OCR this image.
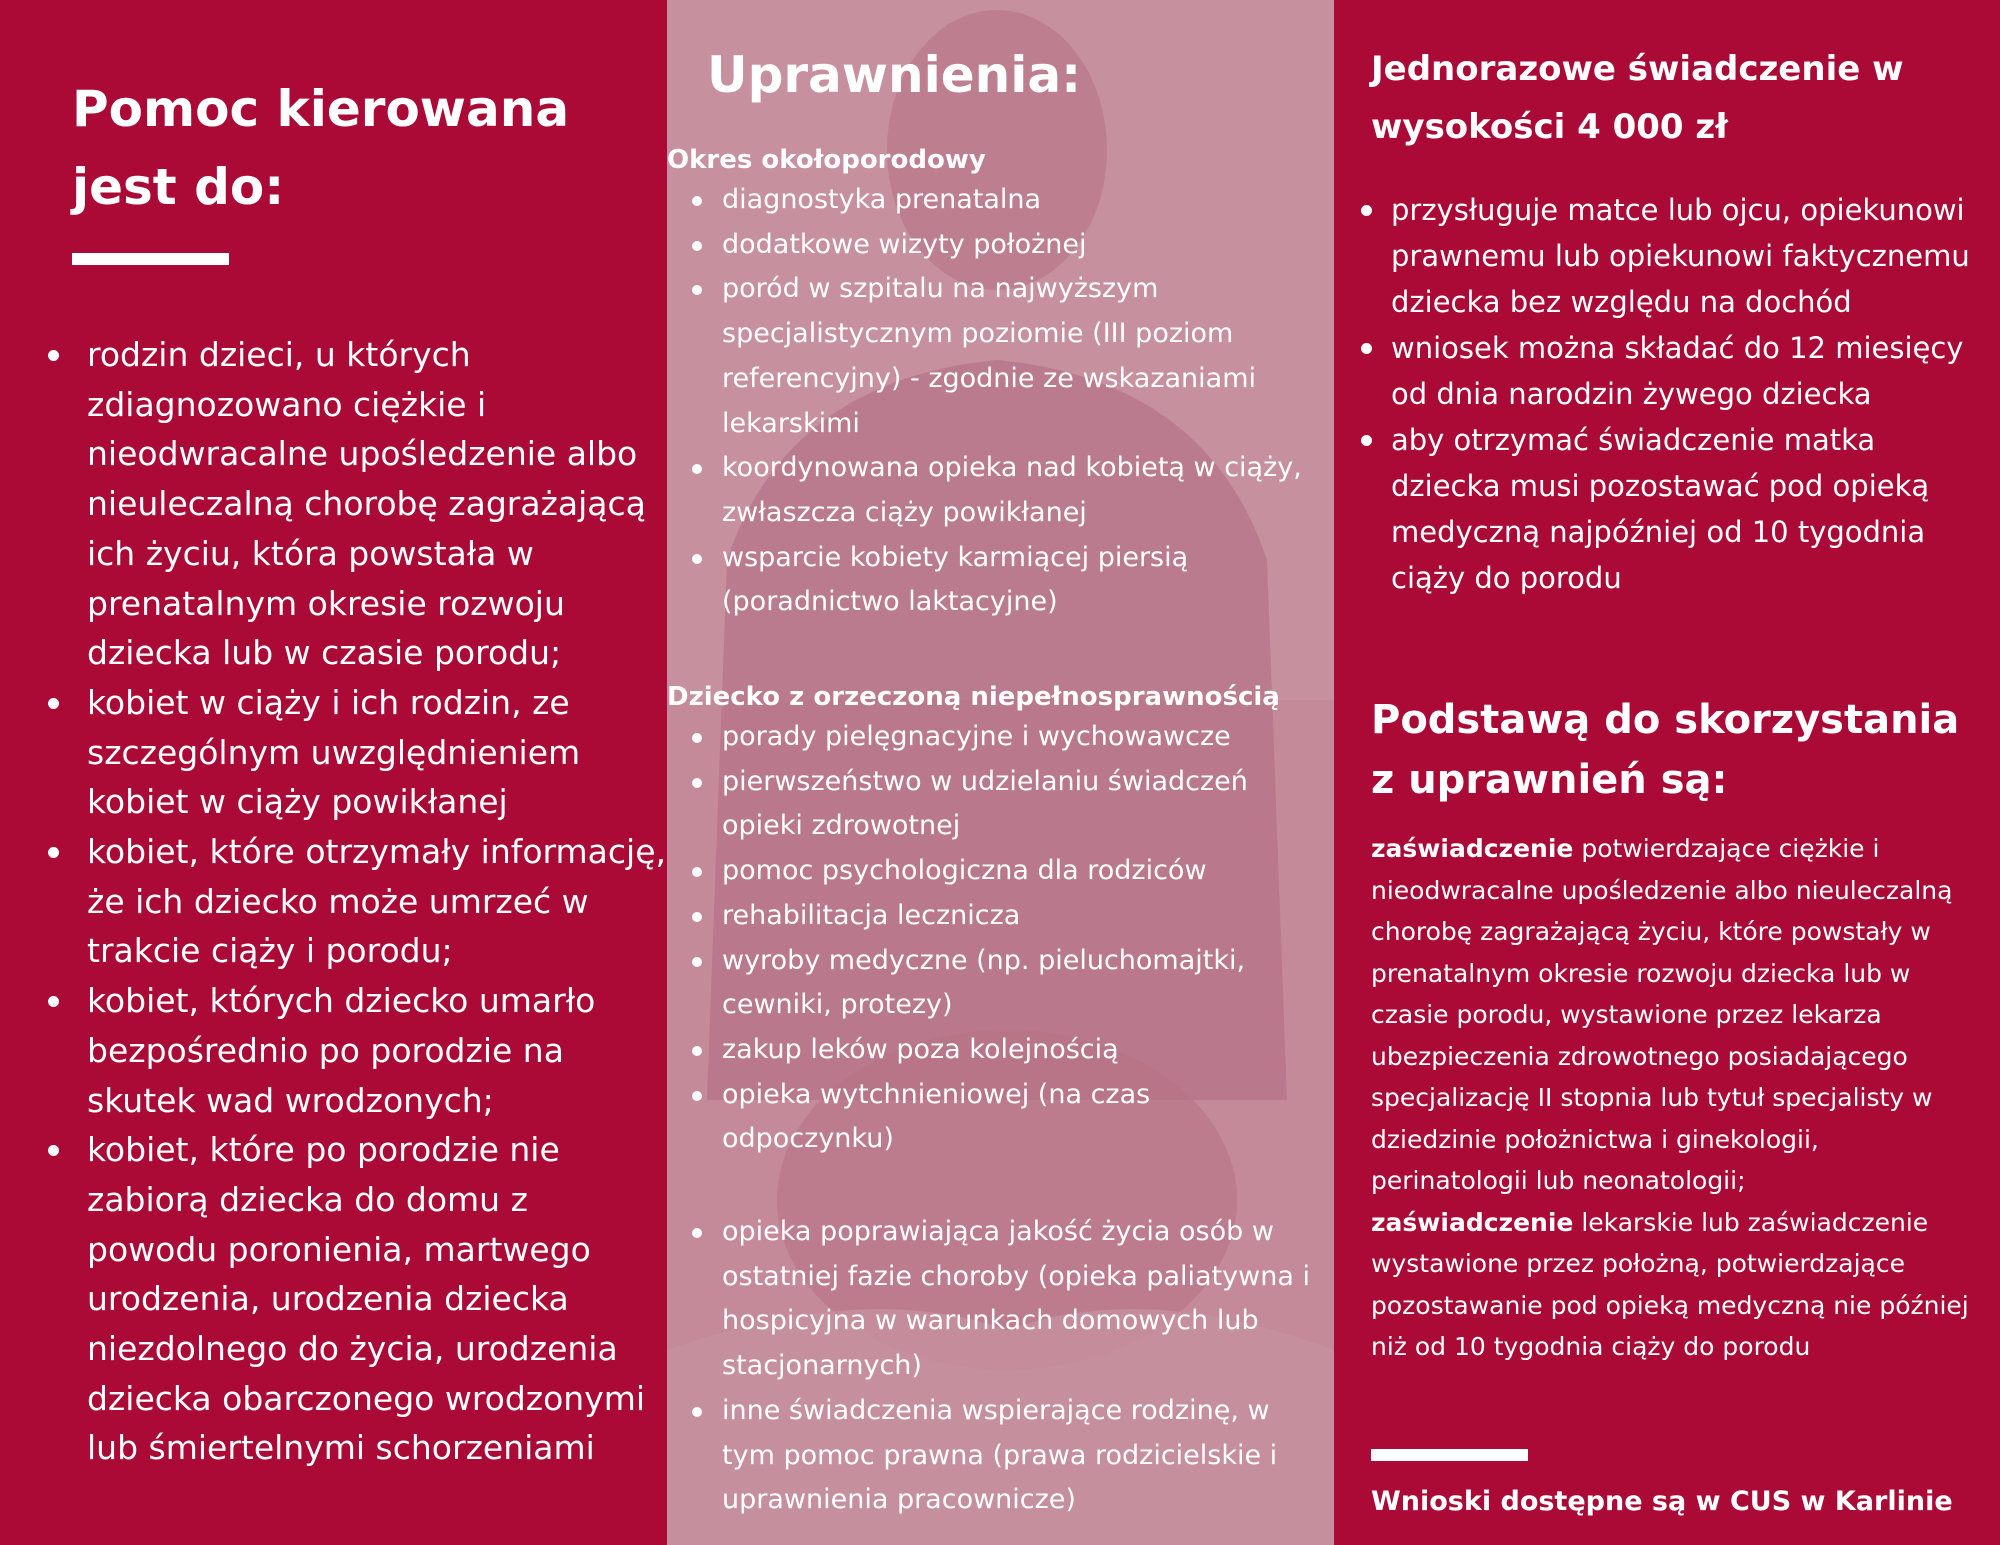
Pomoc kierowana
jest do:
rodzin dzieci, u których zdiagnozowano ciężkie i nieodwracalne upośledzenie albo nieuleczalną chorobę zagrażającą ich życiu, która powstała w prenatalnym okresie rozwoju dziecka lub w czasie porodu;
kobiet w ciąży i ich rodzin, ze szczególnym uwzględnieniem kobiet w ciąży powikłanej
kobiet, które otrzymały informację, że ich dziecko może umrzeć w trakcie ciąży i porodu;
kobiet, których dziecko umarło bezpośrednio po porodzie na skutek wad wrodzonych;
kobiet, które po porodzie nie zabiorą dziecka do domu z powodu poronienia, martwego urodzenia, urodzenia dziecka niezdolnego do życia, urodzenia dziecka obarczonego wrodzonymi lub śmiertelnymi schorzeniami
Uprawnienia:
Okres okołoporodowy
diagnostyka prenatalna
dodatkowe wizyty położnej
poród w szpitalu na najwyższym specjalistycznym poziomie (III poziom referencyjny) - zgodnie ze wskazaniami lekarskimi
koordynowana opieka nad kobietą w ciąży, zwłaszcza ciąży powikłanej
wsparcie kobiety karmiącej piersią (poradnictwo laktacyjne)
Dziecko z orzeczoną niepełnosprawnością
porady pielęgnacyjne i wychowawcze
pierwszeństwo w udzielaniu świadczeń opieki zdrowotnej
pomoc psychologiczna dla rodziców
rehabilitacja lecznicza
wyroby medyczne (np. pieluchomajtki, cewniki, protezy)
zakup leków poza kolejnością
opieka wytchnieniowej (na czas odpoczynku)
opieka poprawiająca jakość życia osób w ostatniej fazie choroby (opieka paliatywna i hospicyjna w warunkach domowych lub stacjonarnych)
inne świadczenia wspierające rodzinę, w tym pomoc prawna (prawa rodzicielskie i uprawnienia pracownicze)
Jednorazowe świadczenie w
wysokości 4 000 zł
przysługuje matce lub ojcu, opiekunowi prawnemu lub opiekunowi faktycznemu dziecka bez względu na dochód
wniosek można składać do 12 miesięcy od dnia narodzin żywego dziecka
aby otrzymać świadczenie matka dziecka musi pozostawać pod opieką medyczną najpóźniej od 10 tygodnia ciąży do porodu
Podstawą do skorzystania
z uprawnień są:

zaświadczenie potwierdzające ciężkie i nieodwracalne upośledzenie albo nieuleczalną chorobę zagrażającą życiu, które powstały w prenatalnym okresie rozwoju dziecka lub w czasie porodu, wystawione przez lekarza ubezpieczenia zdrowotnego posiadającego specjalizację II stopnia lub tytuł specjalisty w dziedzinie położnictwa i ginekologii, perinatologii lub neonatologii;

zaświadczenie lekarskie lub zaświadczenie wystawione przez położną, potwierdzające pozostawanie pod opieką medyczną nie później niż od 10 tygodnia ciąży do porodu

Wnioski dostępne są w CUS w Karlinie
